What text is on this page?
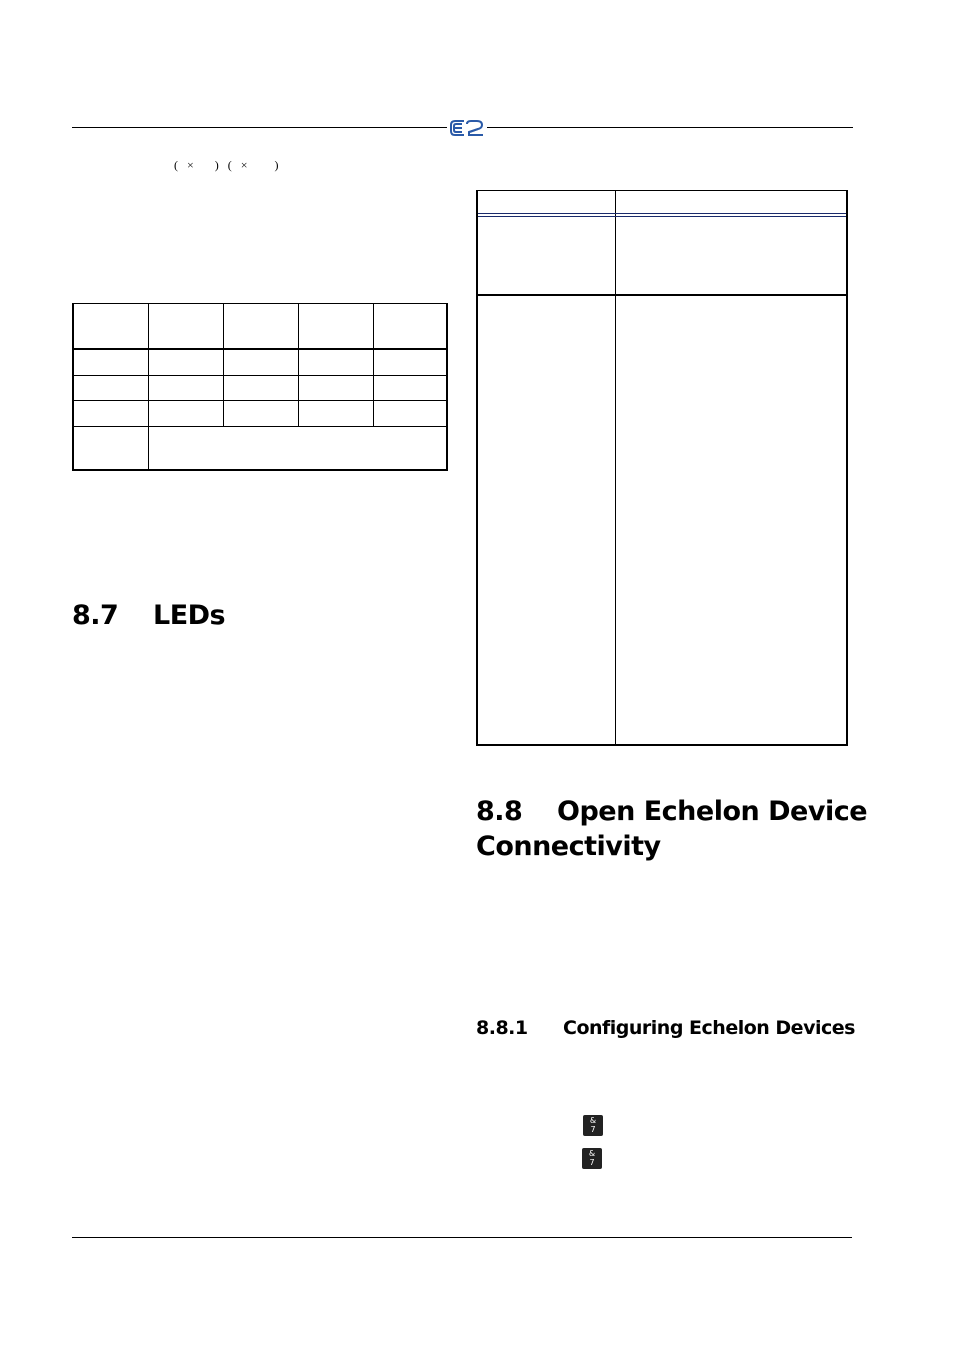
(   ×       )   (   ×         )
8.7 LEDs
8.8 Open Echelon Device
Connectivity
8.8.1 Configuring Echelon Devices
&
7
&
7
